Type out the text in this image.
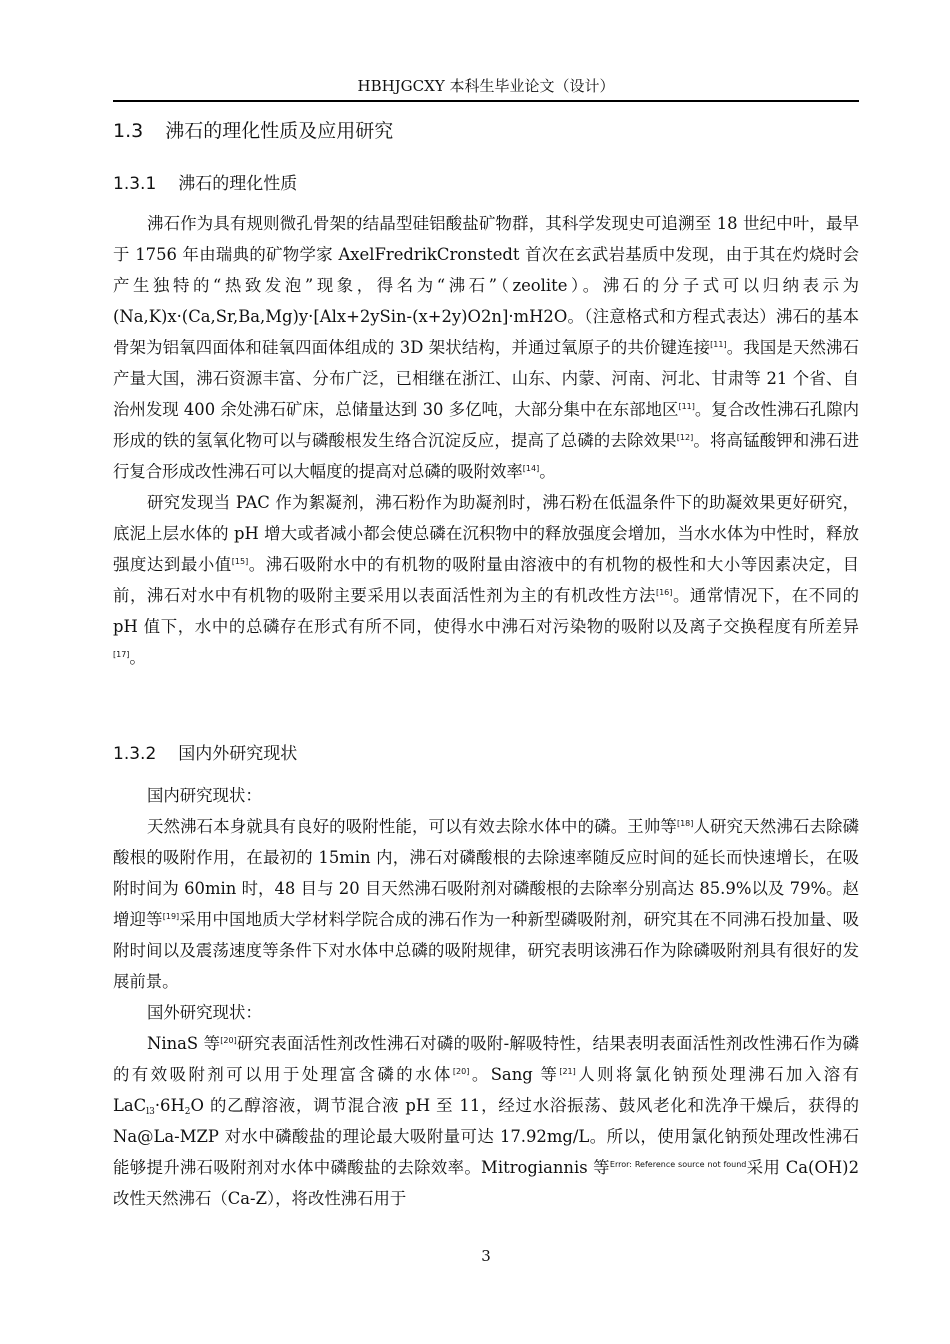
HBHJGCXY 本科生毕业论文（设计）
1.3 沸石的理化性质及应用研究
1.3.1 沸石的理化性质

沸石作为具有规则微孔骨架的结晶型硅铝酸盐矿物群，其科学发现史可追溯至 18 世纪中叶，最早于 1756 年由瑞典的矿物学家 AxelFredrikCronstedt 首次在玄武岩基质中发现，由于其在灼烧时会产生独特的“热致发泡”现象，得名为“沸石”（zeolite）。沸石的分子式可以归纳表示为(Na,K)x·(Ca,Sr,Ba,Mg)y·[Alx+2ySin-(x+2y)O2n]·mH2O。（注意格式和方程式表达）沸石的基本骨架为铝氧四面体和硅氧四面体组成的 3D 架状结构，并通过氧原子的共价键连接[11]。我国是天然沸石产量大国，沸石资源丰富、分布广泛，已相继在浙江、山东、内蒙、河南、河北、甘肃等 21 个省、自治州发现 400 余处沸石矿床，总储量达到 30 多亿吨，大部分集中在东部地区[11]。复合改性沸石孔隙内形成的铁的氢氧化物可以与磷酸根发生络合沉淀反应，提高了总磷的去除效果[12]。将高锰酸钾和沸石进行复合形成改性沸石可以大幅度的提高对总磷的吸附效率[14]。

研究发现当 PAC 作为絮凝剂，沸石粉作为助凝剂时，沸石粉在低温条件下的助凝效果更好研究，底泥上层水体的 pH 增大或者减小都会使总磷在沉积物中的释放强度会增加，当水水体为中性时，释放强度达到最小值[15]。沸石吸附水中的有机物的吸附量由溶液中的有机物的极性和大小等因素决定，目前，沸石对水中有机物的吸附主要采用以表面活性剂为主的有机改性方法[16]。通常情况下，在不同的 pH 值下，水中的总磷存在形式有所不同，使得水中沸石对污染物的吸附以及离子交换程度有所差异[17]。

1.3.2 国内外研究现状

国内研究现状：

天然沸石本身就具有良好的吸附性能，可以有效去除水体中的磷。王帅等[18]人研究天然沸石去除磷酸根的吸附作用，在最初的 15min 内，沸石对磷酸根的去除速率随反应时间的延长而快速增长，在吸附时间为 60min 时，48 目与 20 目天然沸石吸附剂对磷酸根的去除率分别高达 85.9%以及 79%。赵增迎等[19]采用中国地质大学材料学院合成的沸石作为一种新型磷吸附剂，研究其在不同沸石投加量、吸附时间以及震荡速度等条件下对水体中总磷的吸附规律，研究表明该沸石作为除磷吸附剂具有很好的发展前景。

国外研究现状：

NinaS 等[20]研究表面活性剂改性沸石对磷的吸附-解吸特性，结果表明表面活性剂改性沸石作为磷的有效吸附剂可以用于处理富含磷的水体[20]。Sang 等[21]人则将氯化钠预处理沸石加入溶有 $LaC_{l3}\cdot 6H_2O$ 的乙醇溶液，调节混合液 pH 至 11，经过水浴振荡、鼓风老化和洗净干燥后，获得的 Na@La-MZP 对水中磷酸盐的理论最大吸附量可达 17.92mg/L。所以，使用氯化钠预处理改性沸石能够提升沸石吸附剂对水体中磷酸盐的去除效率。Mitrogiannis 等$^{Error: Reference source not found}$采用 Ca(OH)2 改性天然沸石（Ca-Z），将改性沸石用于

3
